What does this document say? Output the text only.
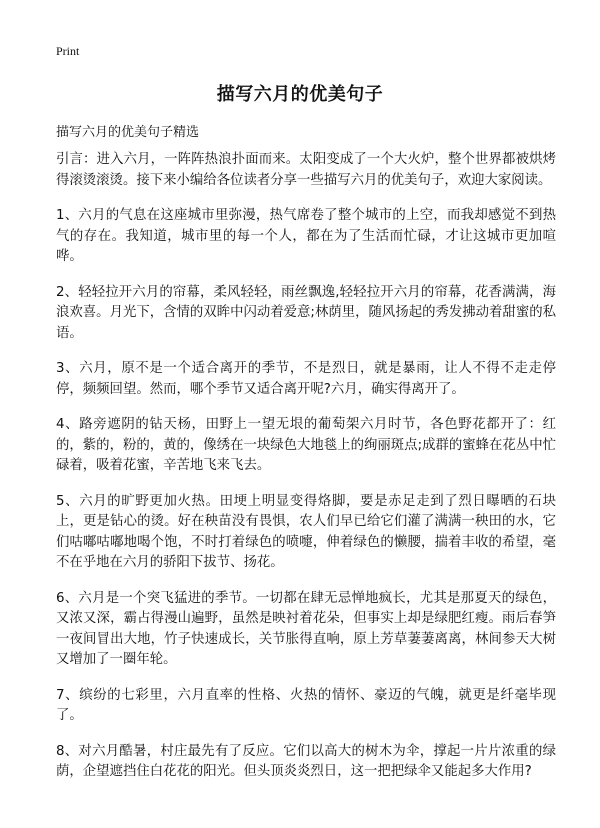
Print
描写六月的优美句子
描写六月的优美句子精选

引言：进入六月，一阵阵热浪扑面而来。太阳变成了一个大火炉，整个世界都被烘烤得滚烫滚烫。接下来小编给各位读者分享一些描写六月的优美句子，欢迎大家阅读。

1、六月的气息在这座城市里弥漫，热气席卷了整个城市的上空，而我却感觉不到热气的存在。我知道，城市里的每一个人，都在为了生活而忙碌，才让这城市更加喧哗。

2、轻轻拉开六月的帘幕，柔风轻轻，雨丝飘逸,轻轻拉开六月的帘幕，花香满满，海浪欢喜。月光下，含情的双眸中闪动着爱意;林荫里，随风扬起的秀发拂动着甜蜜的私语。

3、六月，原不是一个适合离开的季节，不是烈日，就是暴雨，让人不得不走走停停，频频回望。然而，哪个季节又适合离开呢?六月，确实得离开了。

4、路旁遮阴的钻天杨，田野上一望无垠的葡萄架六月时节，各色野花都开了：红的，紫的，粉的，黄的，像绣在一块绿色大地毯上的绚丽斑点;成群的蜜蜂在花丛中忙碌着，吸着花蜜，辛苦地飞来飞去。

5、六月的旷野更加火热。田埂上明显变得烙脚，要是赤足走到了烈日曝晒的石块上，更是钻心的烫。好在秧苗没有畏惧，农人们早已给它们灌了满满一秧田的水，它们咕嘟咕嘟地喝个饱，不时打着绿色的喷嚏，伸着绿色的懒腰，揣着丰收的希望，毫不在乎地在六月的骄阳下拔节、扬花。

6、六月是一个突飞猛进的季节。一切都在肆无忌惮地疯长，尤其是那夏天的绿色，又浓又深，霸占得漫山遍野，虽然是映衬着花朵，但事实上却是绿肥红瘦。雨后春笋一夜间冒出大地，竹子快速成长，关节胀得直响，原上芳草萋萋离离，林间参天大树又增加了一圈年轮。

7、缤纷的七彩里，六月直率的性格、火热的情怀、豪迈的气魄，就更是纤毫毕现了。

8、对六月酷暑，村庄最先有了反应。它们以高大的树木为伞，撑起一片片浓重的绿荫，企望遮挡住白花花的阳光。但头顶炎炎烈日，这一把把绿伞又能起多大作用?
